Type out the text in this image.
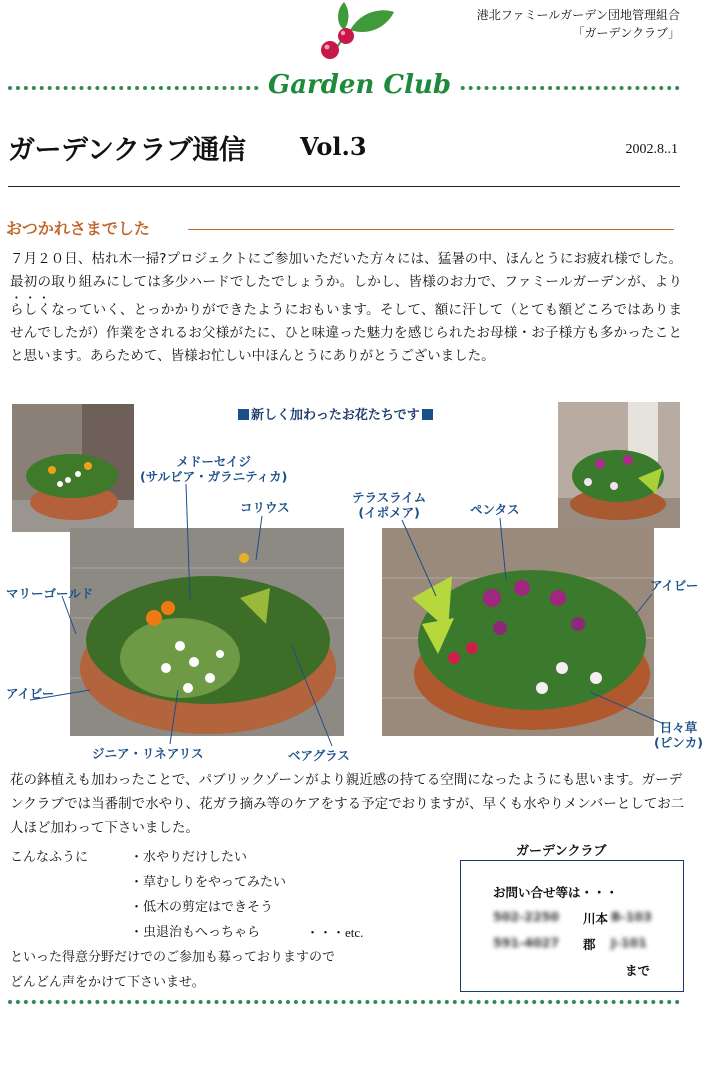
港北ファミールガーデン団地管理組合
「ガーデンクラブ」
Garden Club
ガーデンクラブ通信 Vol.3	2002.8..1
おつかれさまでした

７月２０日、枯れ木一掃?プロジェクトにご参加いただいた方々には、猛暑の中、ほんとうにお疲れ様でした。最初の取り組みにしては多少ハードでしたでしょうか。しかし、皆様のお力で、ファミールガーデンが、よりらしくなっていく、とっかかりができたようにおもいます。そして、額に汗して（とても額どころではありませんでしたが）作業をされるお父様がたに、ひと味違った魅力を感じられたお母様・お子様方も多かったことと思います。あらためて、皆様お忙しい中ほんとうにありがとうございました。

新しく加わったお花たちです
メドーセイジ
(サルビア・ガラニティカ)
コリウス
マリーゴールド
アイビー
ジニア・リネアリス	ベアグラス
テラスライム
(イポメア)	ペンタス
アイビー
日々草
(ピンカ)

花の鉢植えも加わったことで、パブリックゾーンがより親近感の持てる空間になったようにも思います。ガーデンクラブでは当番制で水やり、花ガラ摘み等のケアをする予定でおりますが、早くも水やりメンバーとしてお二人ほど加わって下さいました。

こんなふうに	・水やりだけしたい
・草むしりをやってみたい
・低木の剪定はできそう
・虫退治もへっちゃら	・・・etc.
といった得意分野だけでのご参加も募っておりますので
どんどん声をかけて下さいませ。
ガーデンクラブ
お問い合せ等は・・・
502-2250 川本 B-103
591-4027 郡 J-101
まで
